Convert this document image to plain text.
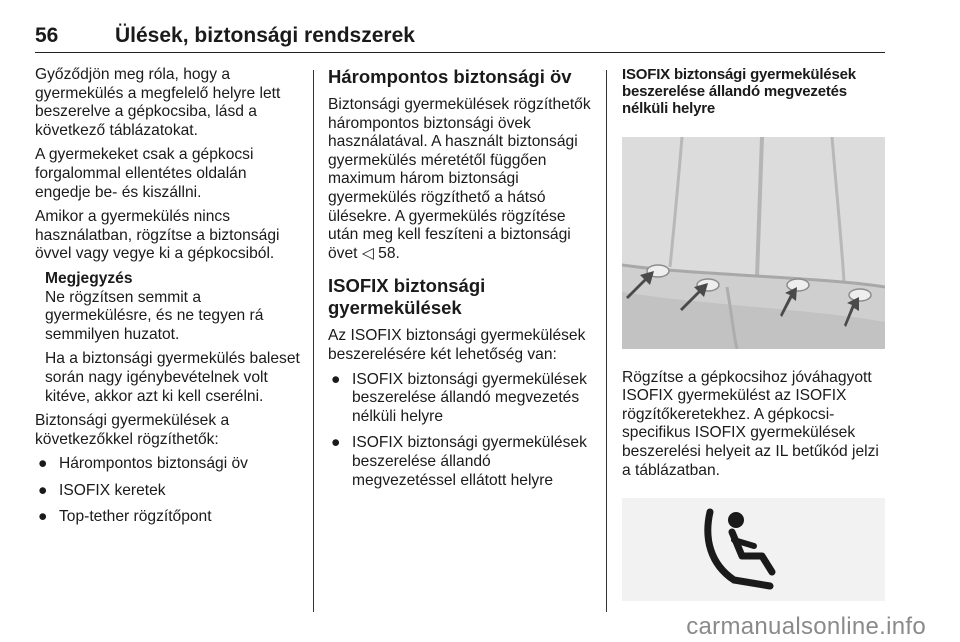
56	Ülések, biztonsági rendszerek

Győződjön meg róla, hogy a gyermekülés a megfelelő helyre lett beszerelve a gépkocsiba, lásd a következő táblázatokat.

A gyermekeket csak a gépkocsi forgalommal ellentétes oldalán engedje be- és kiszállni.

Amikor a gyermekülés nincs használatban, rögzítse a biztonsági övvel vagy vegye ki a gépkocsiból.

Megjegyzés

Ne rögzítsen semmit a gyermekülésre, és ne tegyen rá semmilyen huzatot.

Ha a biztonsági gyermekülés baleset során nagy igénybevételnek volt kitéve, akkor azt ki kell cserélni.

Biztonsági gyermekülések a következőkkel rögzíthetők:

● Hárompontos biztonsági öv
● ISOFIX keretek
● Top-tether rögzítőpont
Hárompontos biztonsági öv

Biztonsági gyermekülések rögzíthetők hárompontos biztonsági övek használatával. A használt biztonsági gyermekülés méretétől függően maximum három biztonsági gyermekülés rögzíthető a hátsó ülésekre. A gyermekülés rögzítése után meg kell feszíteni a biztonsági övet ◁ 58.

ISOFIX biztonsági gyermekülések

Az ISOFIX biztonsági gyermekülések beszerelésére két lehetőség van:

● ISOFIX biztonsági gyermekülések beszerelése állandó megvezetés nélküli helyre
● ISOFIX biztonsági gyermekülések beszerelése állandó megvezetéssel ellátott helyre
ISOFIX biztonsági gyermekülések beszerelése állandó megvezetés nélküli helyre

Rögzítse a gépkocsihoz jóváhagyott ISOFIX gyermekülést az ISOFIX rögzítőkeretekhez. A gépkocsi-specifikus ISOFIX gyermekülések beszerelési helyeit az IL betűkód jelzi a táblázatban.

carmanualsonline.info
